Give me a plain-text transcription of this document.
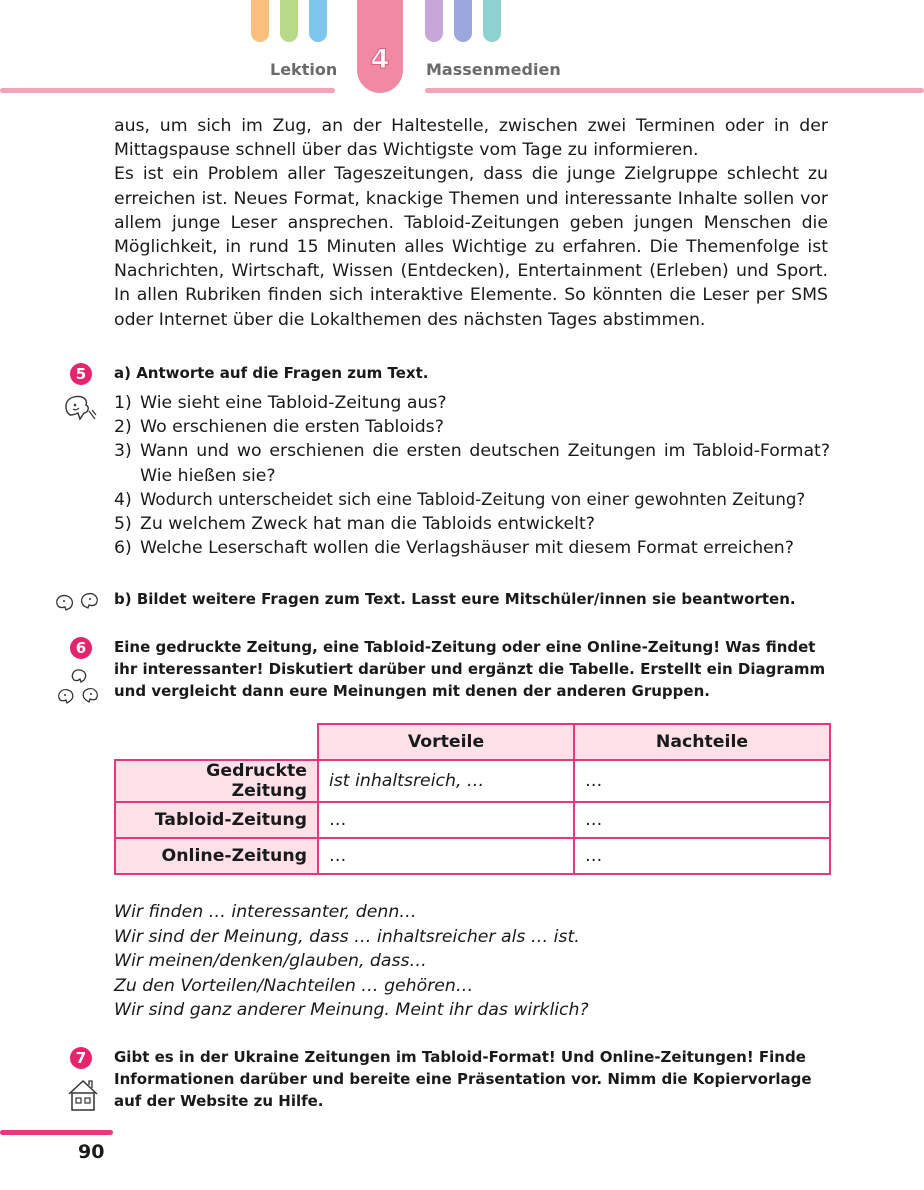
4
Lektion	Massenmedien

aus, um sich im Zug, an der Haltestelle, zwischen zwei Terminen oder in der Mittagspause schnell über das Wichtigste vom Tage zu informieren.

Es ist ein Problem aller Tageszeitungen, dass die junge Zielgruppe schlecht zu erreichen ist. Neues Format, knackige Themen und interessante Inhalte sollen vor allem junge Leser ansprechen. Tabloid-Zeitungen geben jungen Menschen die Möglichkeit, in rund 15 Minuten alles Wichtige zu erfahren. Die Themenfolge ist Nachrichten, Wirtschaft, Wissen (Entdecken), Entertainment (Erleben) und Sport. In allen Rubriken finden sich interaktive Elemente. So könnten die Leser per SMS oder Internet über die Lokalthemen des nächsten Tages abstimmen.

5	a) Antworte auf die Fragen zum Text.
1) Wie sieht eine Tabloid-Zeitung aus?
2) Wo erschienen die ersten Tabloids?
3) Wann und wo erschienen die ersten deutschen Zeitungen im Tabloid-Format? Wie hießen sie?
4) Wodurch unterscheidet sich eine Tabloid-Zeitung von einer gewohnten Zeitung?
5) Zu welchem Zweck hat man die Tabloids entwickelt?
6) Welche Leserschaft wollen die Verlagshäuser mit diesem Format erreichen?
b) Bildet weitere Fragen zum Text. Lasst eure Mitschüler/innen sie beantworten.
6	Eine gedruckte Zeitung, eine Tabloid-Zeitung oder eine Online-Zeitung! Was findet

ihr interessanter! Diskutiert darüber und ergänzt die Tabelle. Erstellt ein Diagramm

und vergleicht dann eure Meinungen mit denen der anderen Gruppen.

	Vorteile	Nachteile
Gedruckte Zeitung	ist inhaltsreich, …	…
Tabloid-Zeitung	…	…
Online-Zeitung	…	…
Wir finden … interessanter, denn…
Wir sind der Meinung, dass … inhaltsreicher als … ist.
Wir meinen/denken/glauben, dass…
Zu den Vorteilen/Nachteilen … gehören…
Wir sind ganz anderer Meinung. Meint ihr das wirklich?
7	Gibt es in der Ukraine Zeitungen im Tabloid-Format! Und Online-Zeitungen! Finde

Informationen darüber und bereite eine Präsentation vor. Nimm die Kopiervorlage

auf der Website zu Hilfe.

90
